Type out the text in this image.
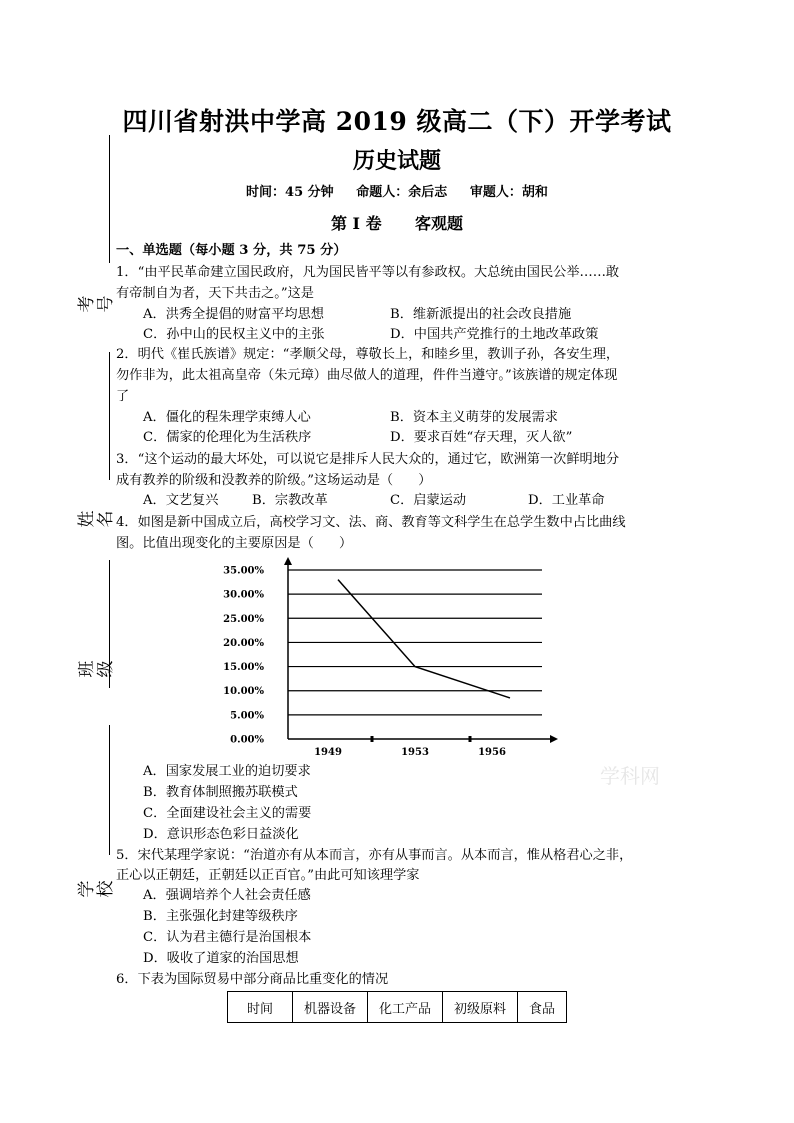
考号
姓名
班级
学校
四川省射洪中学高 2019 级高二（下）开学考试
历史试题
时间：45 分钟     命题人：余后志     审题人：胡和
第 I 卷      客观题
一、单选题（每小题 3 分，共 75 分）
1．“由平民革命建立国民政府，凡为国民皆平等以有参政权。大总统由国民公举……敢
有帝制自为者，天下共击之。”这是
A．洪秀全提倡的财富平均思想	B．维新派提出的社会改良措施
C．孙中山的民权主义中的主张	D．中国共产党推行的土地改革政策
2．明代《崔氏族谱》规定：“孝顺父母，尊敬长上，和睦乡里，教训子孙，各安生理，
勿作非为，此太祖高皇帝（朱元璋）曲尽做人的道理，件件当遵守。”该族谱的规定体现
了
A．僵化的程朱理学束缚人心	B．资本主义萌芽的发展需求
C．儒家的伦理化为生活秩序	D．要求百姓“存天理，灭人欲”
3．“这个运动的最大坏处，可以说它是排斥人民大众的，通过它，欧洲第一次鲜明地分
成有教养的阶级和没教养的阶级。”这场运动是（      ）
A．文艺复兴	B．宗教改革	C．启蒙运动	D．工业革命
4．如图是新中国成立后，高校学习文、法、商、教育等文科学生在总学生数中占比曲线
图。比值出现变化的主要原因是（      ）
35.00%
30.00%
25.00%
20.00%
15.00%
10.00%
5.00%
0.00%
1949	1953	1956
A．国家发展工业的迫切要求
B．教育体制照搬苏联模式
C．全面建设社会主义的需要
D．意识形态色彩日益淡化
5．宋代某理学家说：“治道亦有从本而言，亦有从事而言。从本而言，惟从格君心之非，
正心以正朝廷，正朝廷以正百官。”由此可知该理学家
A．强调培养个人社会责任感
B．主张强化封建等级秩序
C．认为君主德行是治国根本
D．吸收了道家的治国思想
6．下表为国际贸易中部分商品比重变化的情况
时间	机器设备	化工产品	初级原料	食品
学科网
